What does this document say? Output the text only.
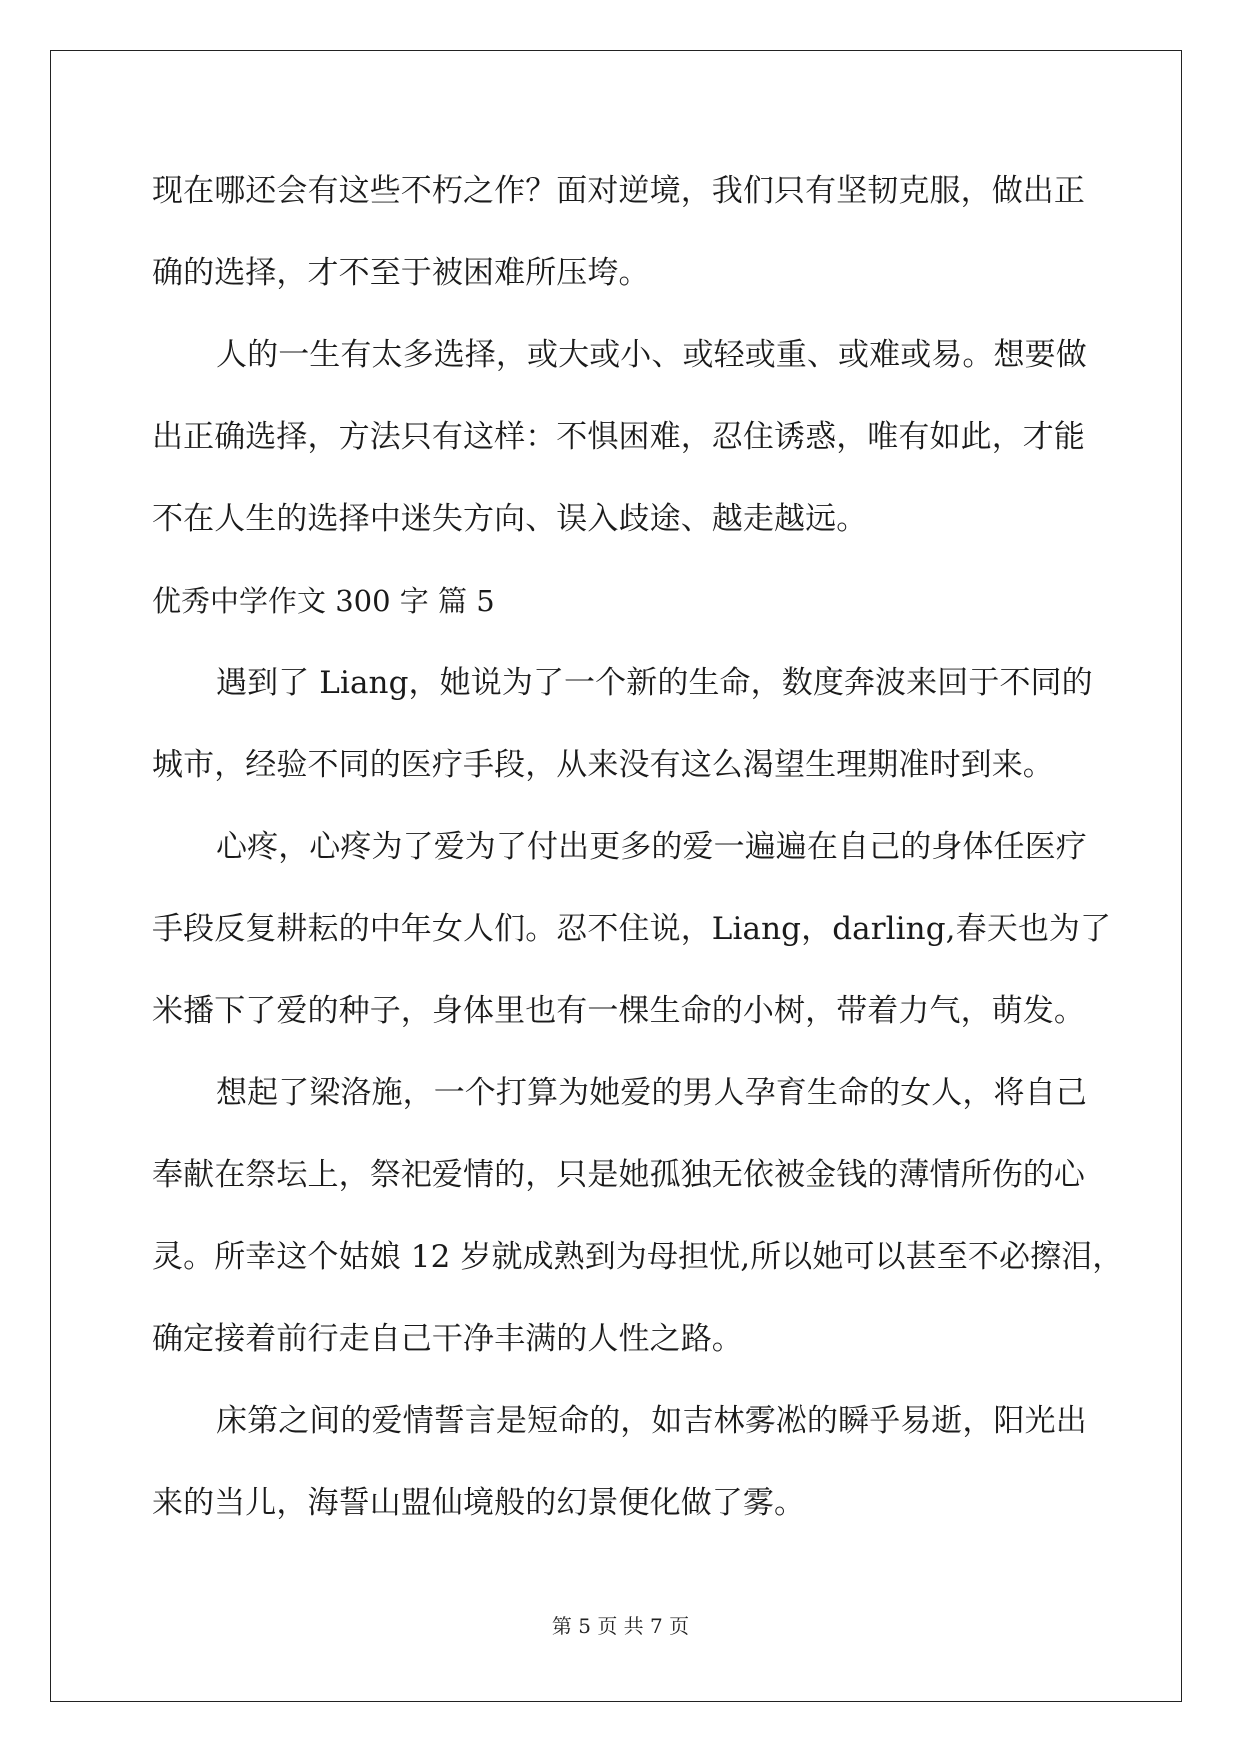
现在哪还会有这些不朽之作？面对逆境，我们只有坚韧克服，做出正
确的选择，才不至于被困难所压垮。
人的一生有太多选择，或大或小、或轻或重、或难或易。想要做
出正确选择，方法只有这样：不惧困难，忍住诱惑，唯有如此，才能
不在人生的选择中迷失方向、误入歧途、越走越远。
优秀中学作文 300 字 篇 5
遇到了 Liang，她说为了一个新的生命，数度奔波来回于不同的
城市，经验不同的医疗手段，从来没有这么渴望生理期准时到来。
心疼，心疼为了爱为了付出更多的爱一遍遍在自己的身体任医疗
手段反复耕耘的中年女人们。忍不住说，Liang，darling,春天也为了
米播下了爱的种子，身体里也有一棵生命的小树，带着力气，萌发。
想起了梁洛施，一个打算为她爱的男人孕育生命的女人，将自己
奉献在祭坛上，祭祀爱情的，只是她孤独无依被金钱的薄情所伤的心
灵。所幸这个姑娘 12 岁就成熟到为母担忧,所以她可以甚至不必擦泪，
确定接着前行走自己干净丰满的人性之路。
床第之间的爱情誓言是短命的，如吉林雾凇的瞬乎易逝，阳光出
来的当儿，海誓山盟仙境般的幻景便化做了雾。
第 5 页 共 7 页
